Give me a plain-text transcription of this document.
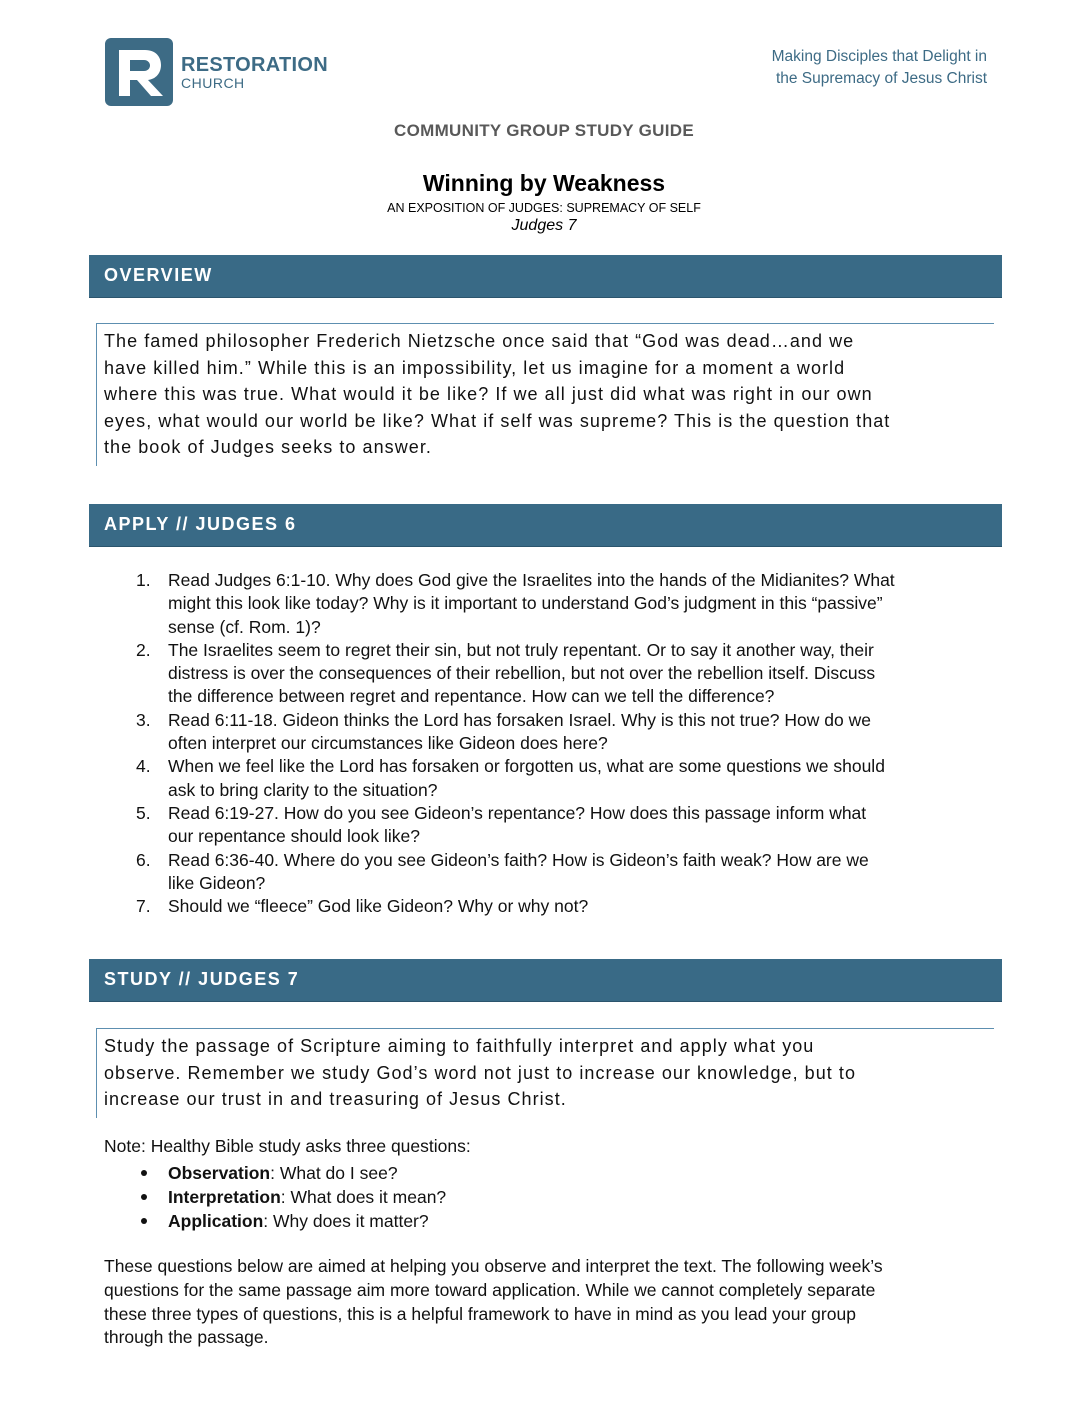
RESTORATION
CHURCH
Making Disciples that Delight in
the Supremacy of Jesus Christ
COMMUNITY GROUP STUDY GUIDE
Winning by Weakness
AN EXPOSITION OF JUDGES: SUPREMACY OF SELF
Judges 7
OVERVIEW
The famed philosopher Frederich Nietzsche once said that “God was dead…and we
have killed him.” While this is an impossibility, let us imagine for a moment a world
where this was true. What would it be like? If we all just did what was right in our own
eyes, what would our world be like? What if self was supreme? This is the question that
the book of Judges seeks to answer.
APPLY // JUDGES 6
1. Read Judges 6:1-10. Why does God give the Israelites into the hands of the Midianites? What
might this look like today? Why is it important to understand God’s judgment in this “passive”
sense (cf. Rom. 1)?
2. The Israelites seem to regret their sin, but not truly repentant. Or to say it another way, their
distress is over the consequences of their rebellion, but not over the rebellion itself. Discuss
the difference between regret and repentance. How can we tell the difference?
3. Read 6:11-18. Gideon thinks the Lord has forsaken Israel. Why is this not true? How do we
often interpret our circumstances like Gideon does here?
4. When we feel like the Lord has forsaken or forgotten us, what are some questions we should
ask to bring clarity to the situation?
5. Read 6:19-27. How do you see Gideon’s repentance? How does this passage inform what
our repentance should look like?
6. Read 6:36-40. Where do you see Gideon’s faith? How is Gideon’s faith weak? How are we
like Gideon?
7. Should we “fleece” God like Gideon? Why or why not?
STUDY // JUDGES 7
Study the passage of Scripture aiming to faithfully interpret and apply what you
observe. Remember we study God’s word not just to increase our knowledge, but to
increase our trust in and treasuring of Jesus Christ.
Note: Healthy Bible study asks three questions:
Observation: What do I see?
Interpretation: What does it mean?
Application: Why does it matter?
These questions below are aimed at helping you observe and interpret the text. The following week’s
questions for the same passage aim more toward application. While we cannot completely separate
these three types of questions, this is a helpful framework to have in mind as you lead your group
through the passage.
